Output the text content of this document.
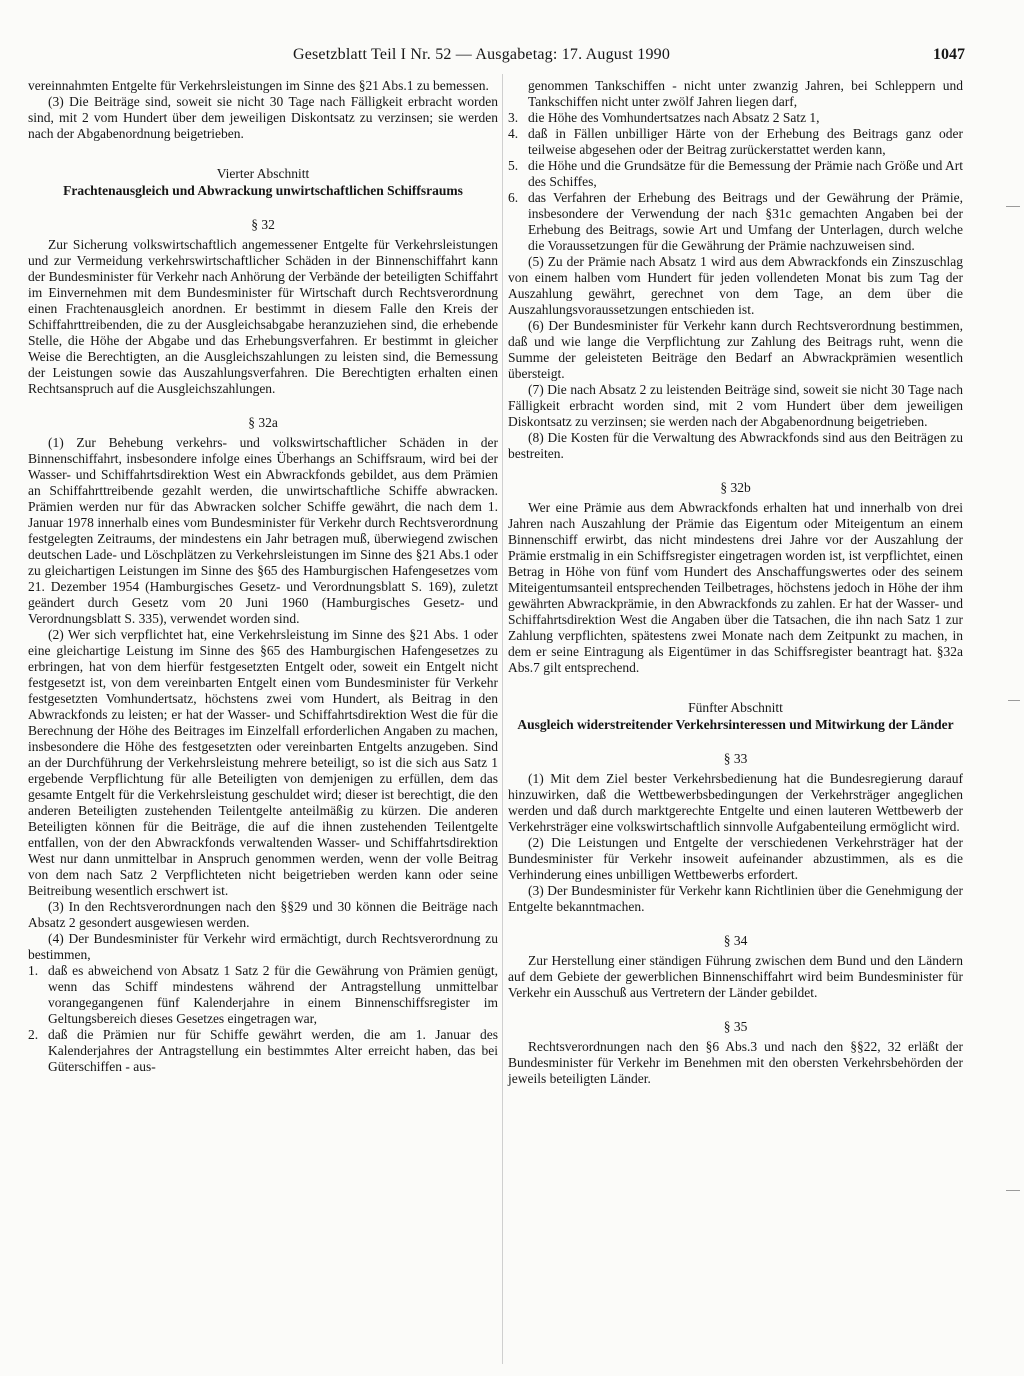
Gesetzblatt Teil I Nr. 52 — Ausgabetag: 17. August 1990	1047

vereinnahmten Entgelte für Verkehrsleistungen im Sinne des §21 Abs.1 zu bemessen.

(3) Die Beiträge sind, soweit sie nicht 30 Tage nach Fälligkeit erbracht worden sind, mit 2 vom Hundert über dem jeweiligen Diskontsatz zu verzinsen; sie werden nach der Abgabenordnung beigetrieben.

Vierter Abschnitt
Frachtenausgleich und Abwrackung unwirtschaftlichen Schiffsraums
§ 32

Zur Sicherung volkswirtschaftlich angemessener Entgelte für Verkehrsleistungen und zur Vermeidung verkehrswirtschaftlicher Schäden in der Binnenschiffahrt kann der Bundesminister für Verkehr nach Anhörung der Verbände der beteiligten Schiffahrt im Einvernehmen mit dem Bundesminister für Wirtschaft durch Rechtsverordnung einen Frachtenausgleich anordnen. Er bestimmt in diesem Falle den Kreis der Schiffahrttreibenden, die zu der Ausgleichsabgabe heranzuziehen sind, die erhebende Stelle, die Höhe der Abgabe und das Erhebungsverfahren. Er bestimmt in gleicher Weise die Berechtigten, an die Ausgleichszahlungen zu leisten sind, die Bemessung der Leistungen sowie das Auszahlungsverfahren. Die Berechtigten erhalten einen Rechtsanspruch auf die Ausgleichszahlungen.

§ 32a

(1) Zur Behebung verkehrs- und volkswirtschaftlicher Schäden in der Binnenschiffahrt, insbesondere infolge eines Überhangs an Schiffsraum, wird bei der Wasser- und Schiffahrtsdirektion West ein Abwrackfonds gebildet, aus dem Prämien an Schiffahrttreibende gezahlt werden, die unwirtschaftliche Schiffe abwracken. Prämien werden nur für das Abwracken solcher Schiffe gewährt, die nach dem 1. Januar 1978 innerhalb eines vom Bundesminister für Verkehr durch Rechtsverordnung festgelegten Zeitraums, der mindestens ein Jahr betragen muß, überwiegend zwischen deutschen Lade- und Löschplätzen zu Verkehrsleistungen im Sinne des §21 Abs.1 oder zu gleichartigen Leistungen im Sinne des §65 des Hamburgischen Hafengesetzes vom 21. Dezember 1954 (Hamburgisches Gesetz- und Verordnungsblatt S. 169), zuletzt geändert durch Gesetz vom 20 Juni 1960 (Hamburgisches Gesetz- und Verordnungsblatt S. 335), verwendet worden sind.

(2) Wer sich verpflichtet hat, eine Verkehrsleistung im Sinne des §21 Abs. 1 oder eine gleichartige Leistung im Sinne des §65 des Hamburgischen Hafengesetzes zu erbringen, hat von dem hierfür festgesetzten Entgelt oder, soweit ein Entgelt nicht festgesetzt ist, von dem vereinbarten Entgelt einen vom Bundesminister für Verkehr festgesetzten Vomhundertsatz, höchstens zwei vom Hundert, als Beitrag in den Abwrackfonds zu leisten; er hat der Wasser- und Schiffahrtsdirektion West die für die Berechnung der Höhe des Beitrages im Einzelfall erforderlichen Angaben zu machen, insbesondere die Höhe des festgesetzten oder vereinbarten Entgelts anzugeben. Sind an der Durchführung der Verkehrsleistung mehrere beteiligt, so ist die sich aus Satz 1 ergebende Verpflichtung für alle Beteiligten von demjenigen zu erfüllen, dem das gesamte Entgelt für die Verkehrsleistung geschuldet wird; dieser ist berechtigt, die den anderen Beteiligten zustehenden Teilentgelte anteilmäßig zu kürzen. Die anderen Beteiligten können für die Beiträge, die auf die ihnen zustehenden Teilentgelte entfallen, von der den Abwrackfonds verwaltenden Wasser- und Schiffahrtsdirektion West nur dann unmittelbar in Anspruch genommen werden, wenn der volle Beitrag von dem nach Satz 2 Verpflichteten nicht beigetrieben werden kann oder seine Beitreibung wesentlich erschwert ist.

(3) In den Rechtsverordnungen nach den §§29 und 30 können die Beiträge nach Absatz 2 gesondert ausgewiesen werden.

(4) Der Bundesminister für Verkehr wird ermächtigt, durch Rechtsverordnung zu bestimmen,

1. daß es abweichend von Absatz 1 Satz 2 für die Gewährung von Prämien genügt, wenn das Schiff mindestens während der Antragstellung unmittelbar vorangegangenen fünf Kalenderjahre in einem Binnenschiffsregister im Geltungsbereich dieses Gesetzes eingetragen war,
2. daß die Prämien nur für Schiffe gewährt werden, die am 1. Januar des Kalenderjahres der Antragstellung ein bestimmtes Alter erreicht haben, das bei Güterschiffen - aus-
genommen Tankschiffen - nicht unter zwanzig Jahren, bei Schleppern und Tankschiffen nicht unter zwölf Jahren liegen darf,
3. die Höhe des Vomhundertsatzes nach Absatz 2 Satz 1,
4. daß in Fällen unbilliger Härte von der Erhebung des Beitrags ganz oder teilweise abgesehen oder der Beitrag zurückerstattet werden kann,
5. die Höhe und die Grundsätze für die Bemessung der Prämie nach Größe und Art des Schiffes,
6. das Verfahren der Erhebung des Beitrags und der Gewährung der Prämie, insbesondere der Verwendung der nach §31c gemachten Angaben bei der Erhebung des Beitrags, sowie Art und Umfang der Unterlagen, durch welche die Voraussetzungen für die Gewährung der Prämie nachzuweisen sind.

(5) Zu der Prämie nach Absatz 1 wird aus dem Abwrackfonds ein Zinszuschlag von einem halben vom Hundert für jeden vollendeten Monat bis zum Tag der Auszahlung gewährt, gerechnet von dem Tage, an dem über die Auszahlungsvoraussetzungen entschieden ist.

(6) Der Bundesminister für Verkehr kann durch Rechtsverordnung bestimmen, daß und wie lange die Verpflichtung zur Zahlung des Beitrags ruht, wenn die Summe der geleisteten Beiträge den Bedarf an Abwrackprämien wesentlich übersteigt.

(7) Die nach Absatz 2 zu leistenden Beiträge sind, soweit sie nicht 30 Tage nach Fälligkeit erbracht worden sind, mit 2 vom Hundert über dem jeweiligen Diskontsatz zu verzinsen; sie werden nach der Abgabenordnung beigetrieben.

(8) Die Kosten für die Verwaltung des Abwrackfonds sind aus den Beiträgen zu bestreiten.

§ 32b

Wer eine Prämie aus dem Abwrackfonds erhalten hat und innerhalb von drei Jahren nach Auszahlung der Prämie das Eigentum oder Miteigentum an einem Binnenschiff erwirbt, das nicht mindestens drei Jahre vor der Auszahlung der Prämie erstmalig in ein Schiffsregister eingetragen worden ist, ist verpflichtet, einen Betrag in Höhe von fünf vom Hundert des Anschaffungswertes oder des seinem Miteigentumsanteil entsprechenden Teilbetrages, höchstens jedoch in Höhe der ihm gewährten Abwrackprämie, in den Abwrackfonds zu zahlen. Er hat der Wasser- und Schiffahrtsdirektion West die Angaben über die Tatsachen, die ihn nach Satz 1 zur Zahlung verpflichten, spätestens zwei Monate nach dem Zeitpunkt zu machen, in dem er seine Eintragung als Eigentümer in das Schiffsregister beantragt hat. §32a Abs.7 gilt entsprechend.

Fünfter Abschnitt
Ausgleich widerstreitender Verkehrsinteressen und Mitwirkung der Länder
§ 33

(1) Mit dem Ziel bester Verkehrsbedienung hat die Bundesregierung darauf hinzuwirken, daß die Wettbewerbsbedingungen der Verkehrsträger angeglichen werden und daß durch marktgerechte Entgelte und einen lauteren Wettbewerb der Verkehrsträger eine volkswirtschaftlich sinnvolle Aufgabenteilung ermöglicht wird.

(2) Die Leistungen und Entgelte der verschiedenen Verkehrsträger hat der Bundesminister für Verkehr insoweit aufeinander abzustimmen, als es die Verhinderung eines unbilligen Wettbewerbs erfordert.

(3) Der Bundesminister für Verkehr kann Richtlinien über die Genehmigung der Entgelte bekanntmachen.

§ 34

Zur Herstellung einer ständigen Führung zwischen dem Bund und den Ländern auf dem Gebiete der gewerblichen Binnenschiffahrt wird beim Bundesminister für Verkehr ein Ausschuß aus Vertretern der Länder gebildet.

§ 35

Rechtsverordnungen nach den §6 Abs.3 und nach den §§22, 32 erläßt der Bundesminister für Verkehr im Benehmen mit den obersten Verkehrsbehörden der jeweils beteiligten Länder.
